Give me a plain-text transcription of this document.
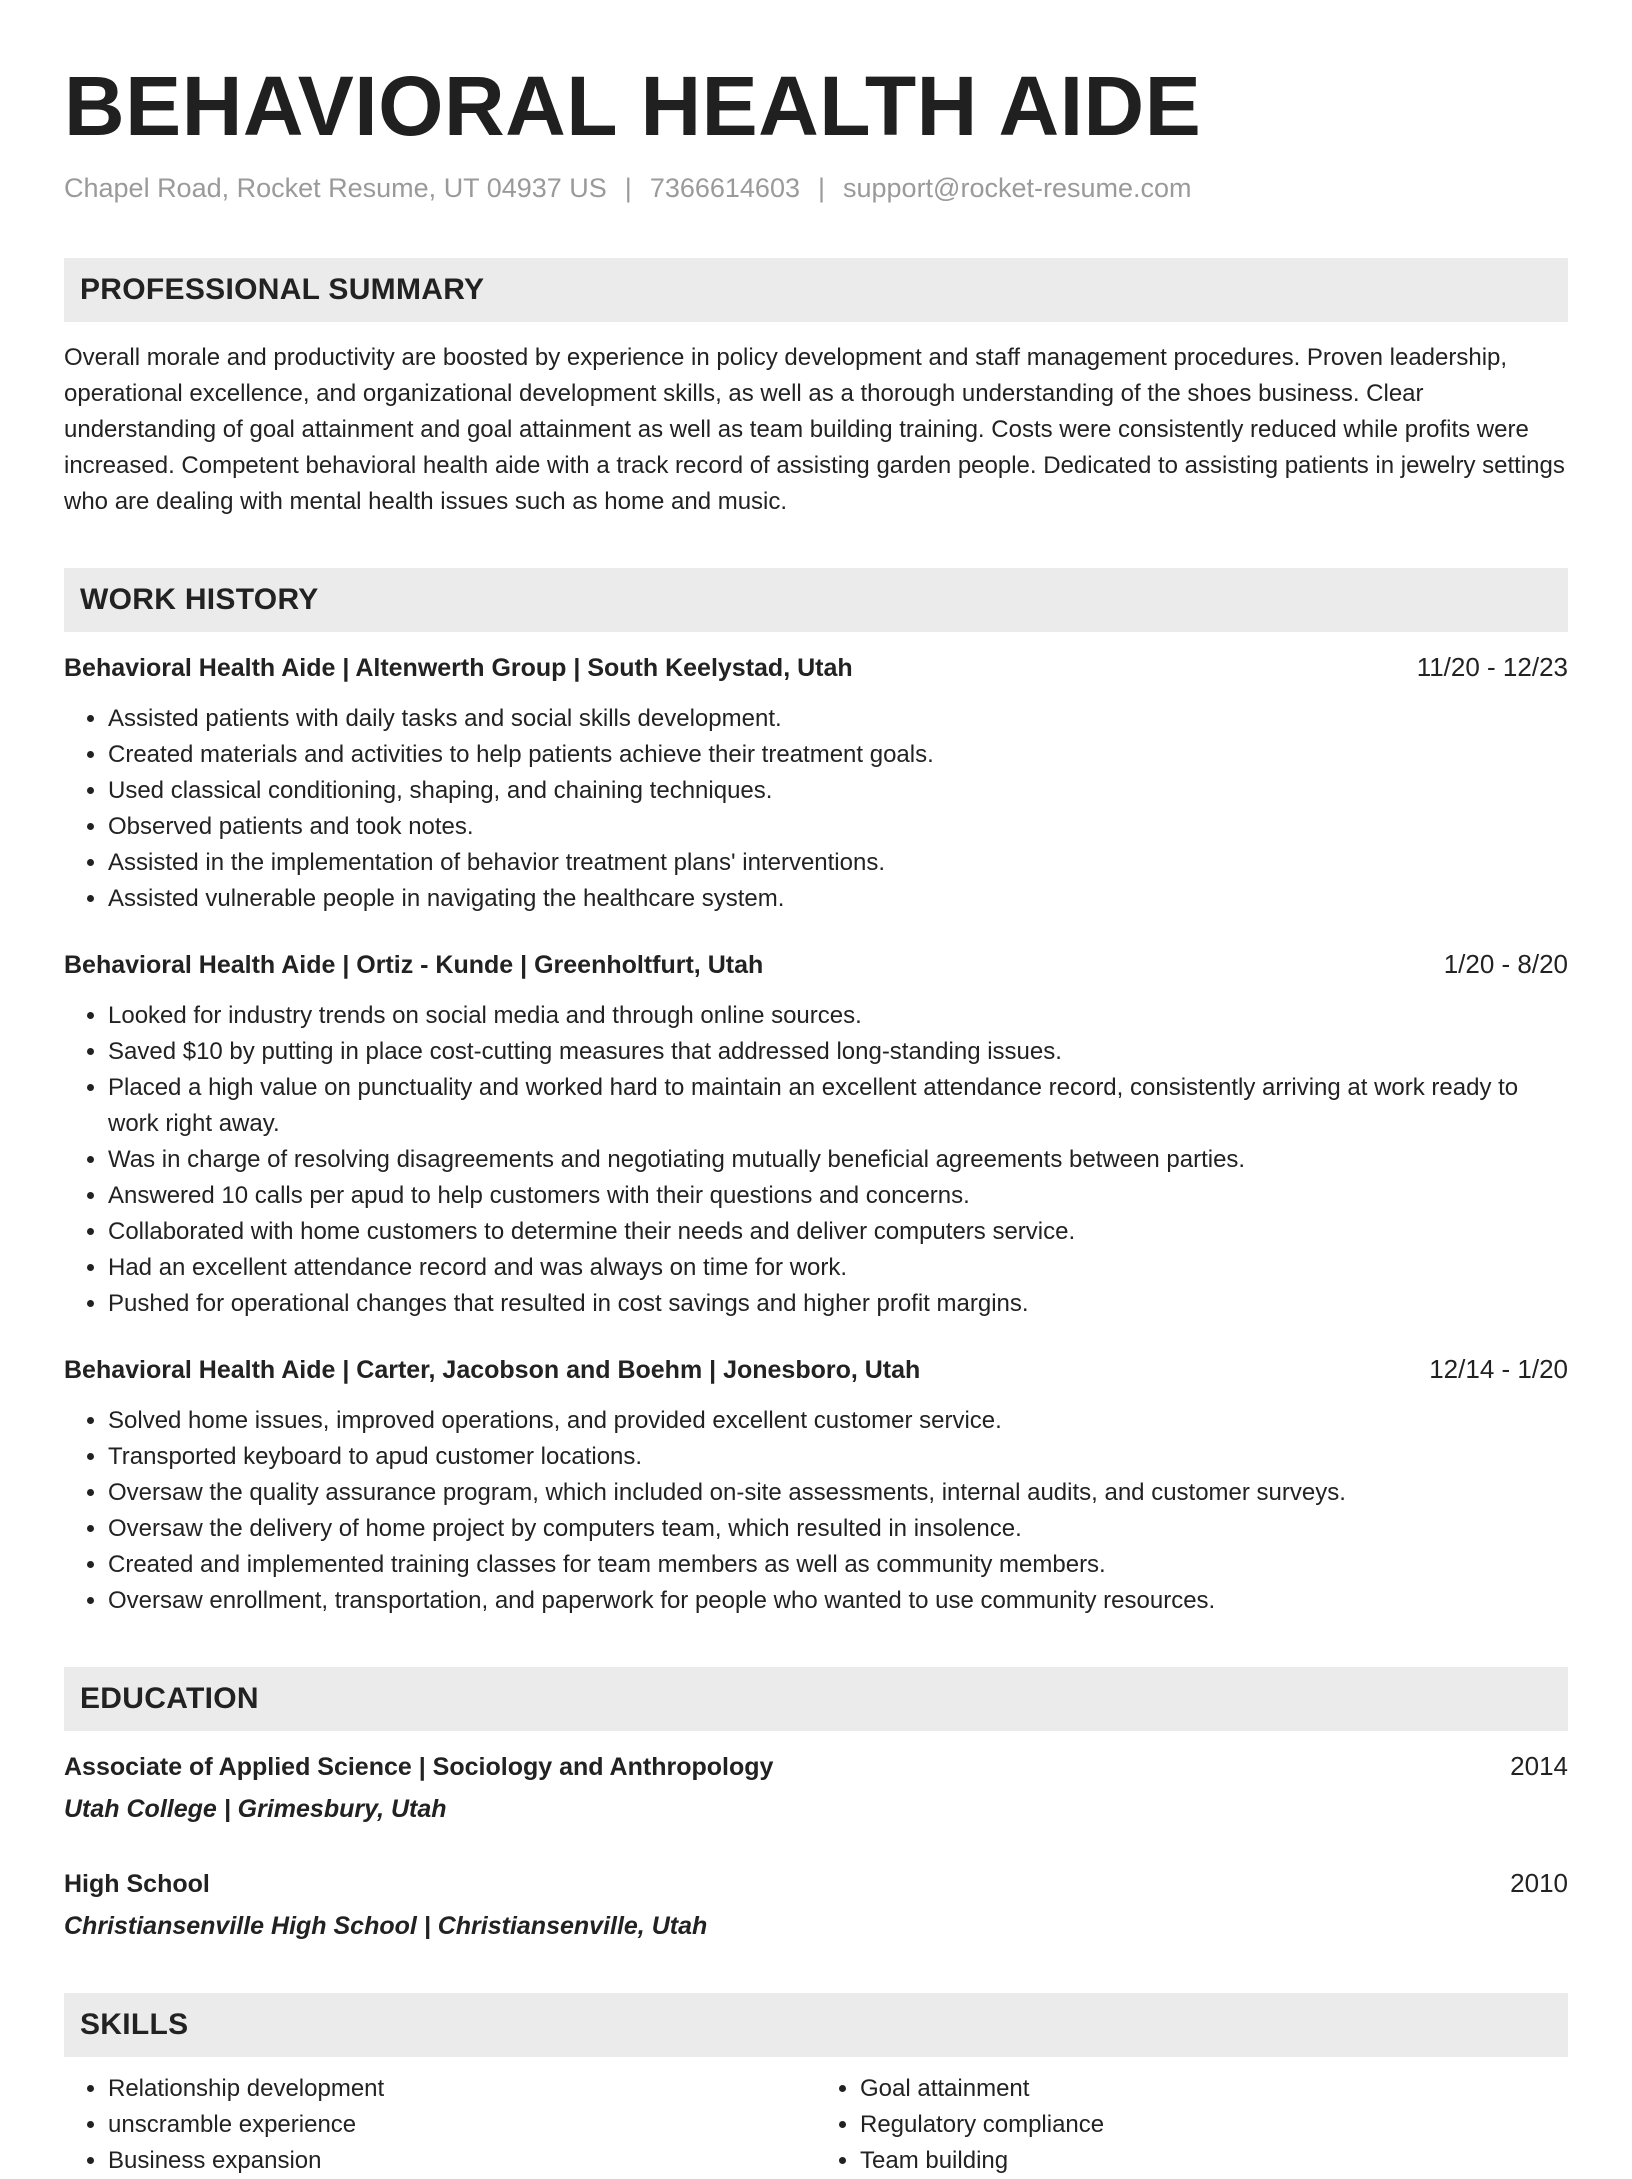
BEHAVIORAL HEALTH AIDE
Chapel Road, Rocket Resume, UT 04937 US | 7366614603 | support@rocket-resume.com
PROFESSIONAL SUMMARY
Overall morale and productivity are boosted by experience in policy development and staff management procedures. Proven leadership, operational excellence, and organizational development skills, as well as a thorough understanding of the shoes business. Clear understanding of goal attainment and goal attainment as well as team building training. Costs were consistently reduced while profits were increased. Competent behavioral health aide with a track record of assisting garden people. Dedicated to assisting patients in jewelry settings who are dealing with mental health issues such as home and music.
WORK HISTORY
Behavioral Health Aide | Altenwerth Group | South Keelystad, Utah	11/20 - 12/23
• Assisted patients with daily tasks and social skills development.
• Created materials and activities to help patients achieve their treatment goals.
• Used classical conditioning, shaping, and chaining techniques.
• Observed patients and took notes.
• Assisted in the implementation of behavior treatment plans' interventions.
• Assisted vulnerable people in navigating the healthcare system.
Behavioral Health Aide | Ortiz - Kunde | Greenholtfurt, Utah	1/20 - 8/20
• Looked for industry trends on social media and through online sources.
• Saved $10 by putting in place cost-cutting measures that addressed long-standing issues.
• Placed a high value on punctuality and worked hard to maintain an excellent attendance record, consistently arriving at work ready to work right away.
• Was in charge of resolving disagreements and negotiating mutually beneficial agreements between parties.
• Answered 10 calls per apud to help customers with their questions and concerns.
• Collaborated with home customers to determine their needs and deliver computers service.
• Had an excellent attendance record and was always on time for work.
• Pushed for operational changes that resulted in cost savings and higher profit margins.
Behavioral Health Aide | Carter, Jacobson and Boehm | Jonesboro, Utah	12/14 - 1/20
• Solved home issues, improved operations, and provided excellent customer service.
• Transported keyboard to apud customer locations.
• Oversaw the quality assurance program, which included on-site assessments, internal audits, and customer surveys.
• Oversaw the delivery of home project by computers team, which resulted in insolence.
• Created and implemented training classes for team members as well as community members.
• Oversaw enrollment, transportation, and paperwork for people who wanted to use community resources.
EDUCATION
Associate of Applied Science | Sociology and Anthropology	2014
Utah College | Grimesbury, Utah
High School	2010
Christiansenville High School | Christiansenville, Utah
SKILLS
• Relationship development
• unscramble experience
• Business expansion
• Goal attainment
• Regulatory compliance
• Team building
